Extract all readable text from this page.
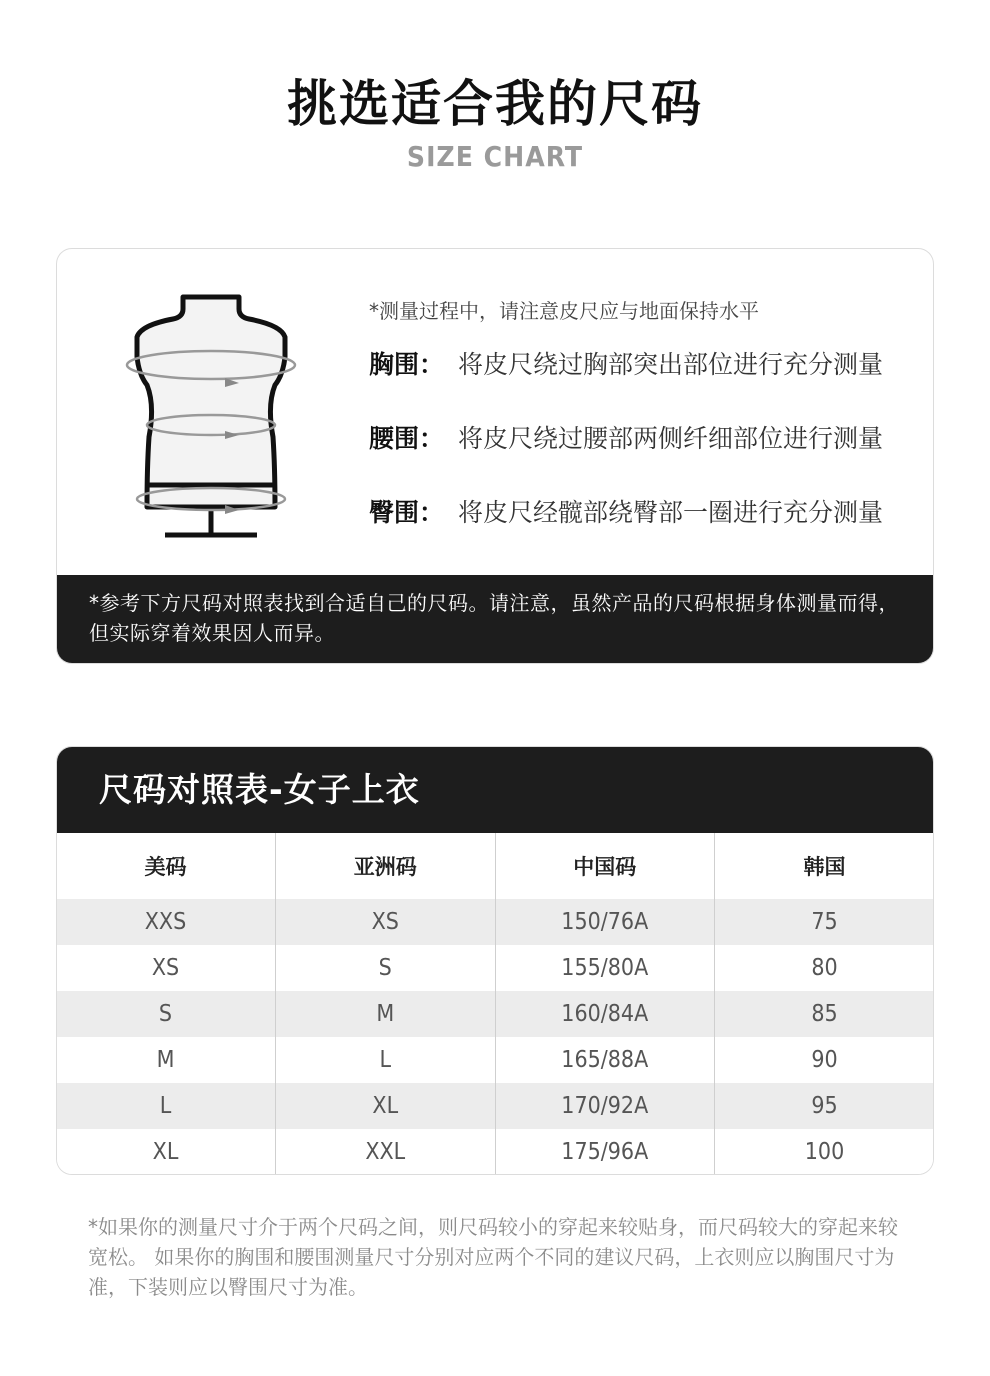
挑选适合我的尺码
SIZE CHART
*测量过程中，请注意皮尺应与地面保持水平
胸围： 将皮尺绕过胸部突出部位进行充分测量
腰围： 将皮尺绕过腰部两侧纤细部位进行测量
臀围： 将皮尺经髋部绕臀部一圈进行充分测量
*参考下方尺码对照表找到合适自己的尺码。请注意，虽然产品的尺码根据身体测量而得，但实际穿着效果因人而异。
尺码对照表-女子上衣
美码	亚洲码	中国码	韩国
XXS	XS	150/76A	75
XS	S	155/80A	80
S	M	160/84A	85
M	L	165/88A	90
L	XL	170/92A	95
XL	XXL	175/96A	100
*如果你的测量尺寸介于两个尺码之间，则尺码较小的穿起来较贴身，而尺码较大的穿起来较宽松。 如果你的胸围和腰围测量尺寸分别对应两个不同的建议尺码，上衣则应以胸围尺寸为准，下装则应以臀围尺寸为准。
